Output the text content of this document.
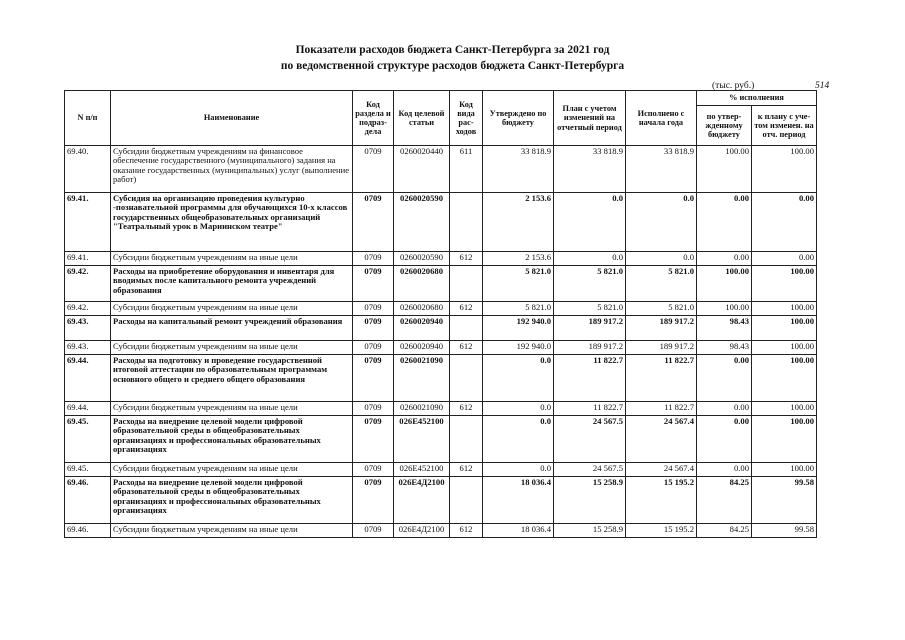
Показатели расходов бюджета Санкт-Петербурга за 2021 год
по ведомственной структуре расходов бюджета Санкт-Петербурга
(тыс. руб.)	514
N п/п	Наименование	Код раздела и подраз-дела	Код целевой статьи	Код вида рас-ходов	Утверждено по бюджету	План с учетом изменений на отчетный период	Исполнено с начала года	% исполнения	
								по утвер-жденному бюджету	к плану с уче-том изменен. на отч. период
69.40.	Субсидии бюджетным учреждениям на финансовое обеспечение государственного (муниципального) задания на оказание государственных (муниципальных) услуг (выполнение работ)	0709	0260020440	611	33 818.9	33 818.9	33 818.9	100.00	100.00
69.41.	Субсидия на организацию проведения культурно -познавательной программы для обучающихся 10-х классов государственных общеобразовательных организаций "Театральный урок в Мариинском театре"	0709	0260020590		2 153.6	0.0	0.0	0.00	0.00
69.41.	Субсидии бюджетным учреждениям на иные цели	0709	0260020590	612	2 153.6	0.0	0.0	0.00	0.00
69.42.	Расходы на приобретение оборудования и инвентаря для вводимых после капитального ремонта учреждений образования	0709	0260020680		5 821.0	5 821.0	5 821.0	100.00	100.00
69.42.	Субсидии бюджетным учреждениям на иные цели	0709	0260020680	612	5 821.0	5 821.0	5 821.0	100.00	100.00
69.43.	Расходы на капитальный ремонт учреждений образования	0709	0260020940		192 940.0	189 917.2	189 917.2	98.43	100.00
69.43.	Субсидии бюджетным учреждениям на иные цели	0709	0260020940	612	192 940.0	189 917.2	189 917.2	98.43	100.00
69.44.	Расходы на подготовку и проведение государственной итоговой аттестации по образовательным программам основного общего и среднего общего образования	0709	0260021090		0.0	11 822.7	11 822.7	0.00	100.00
69.44.	Субсидии бюджетным учреждениям на иные цели	0709	0260021090	612	0.0	11 822.7	11 822.7	0.00	100.00
69.45.	Расходы на внедрение целевой модели цифровой образовательной среды в общеобразовательных организациях и профессиональных образовательных организациях	0709	026Е452100		0.0	24 567.5	24 567.4	0.00	100.00
69.45.	Субсидии бюджетным учреждениям на иные цели	0709	026Е452100	612	0.0	24 567.5	24 567.4	0.00	100.00
69.46.	Расходы на внедрение целевой модели цифровой образовательной среды в общеобразовательных организациях и профессиональных образовательных организациях	0709	026Е4Д2100		18 036.4	15 258.9	15 195.2	84.25	99.58
69.46.	Субсидии бюджетным учреждениям на иные цели	0709	026Е4Д2100	612	18 036.4	15 258.9	15 195.2	84.25	99.58
